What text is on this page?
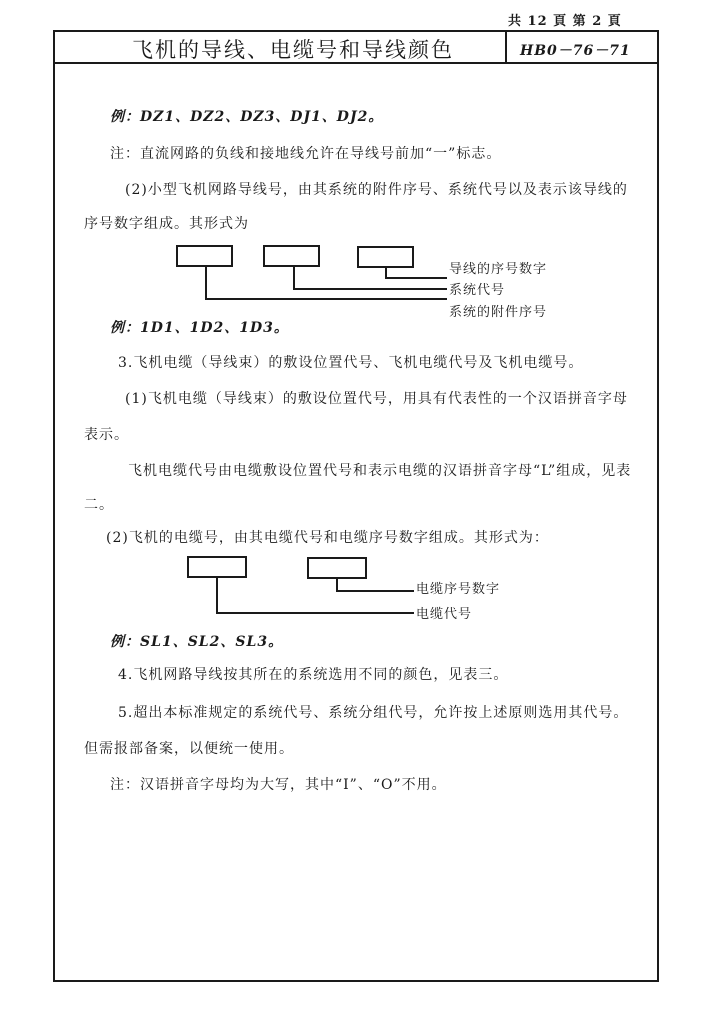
共 12 頁 第 2 頁
飞机的导线、电缆号和导线颜色	HB0－76－71
例：DZ1、DZ2、DZ3、DJ1、DJ2。
注：直流网路的负线和接地线允许在导线号前加“一”标志。
(2)小型飞机网路导线号，由其系统的附件序号、系统代号以及表示该导线的
序号数字组成。其形式为
导线的序号数字
系统代号
系统的附件序号
例：1D1、1D2、1D3。
3.飞机电缆（导线束）的敷设位置代号、飞机电缆代号及飞机电缆号。
(1)飞机电缆（导线束）的敷设位置代号，用具有代表性的一个汉语拼音字母
表示。
飞机电缆代号由电缆敷设位置代号和表示电缆的汉语拼音字母“L”组成，见表
二。
(2)飞机的电缆号，由其电缆代号和电缆序号数字组成。其形式为：
电缆序号数字
电缆代号
例：SL1、SL2、SL3。
4.飞机网路导线按其所在的系统选用不同的颜色，见表三。
5.超出本标准规定的系统代号、系统分组代号，允许按上述原则选用其代号。
但需报部备案，以便统一使用。
注：汉语拼音字母均为大写，其中“I”、“O”不用。
